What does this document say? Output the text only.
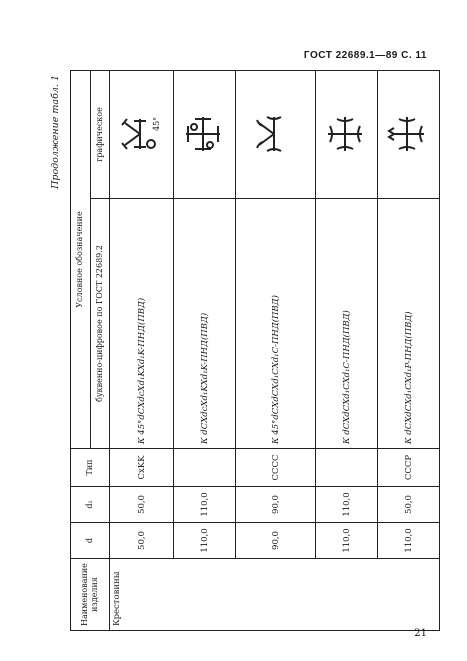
ГОСТ 22689.1—89 С. 11
Продолжение табл. 1
Наименование изделия	d	d₁	Тип	Условное обозначение	
				буквенно-цифровое по ГОСТ 22689.2	графическое
Крестовины	50,0	50,0	CxKK	К 45°dCXdcXd₁KXd₁K-ПНД(ПВД)	45°

	110,0	110,0		К dCXdcXd₁KXd₁K-ПНД(ПВД)	
	90,0	90,0	СССС	К 45°dCXdCXd₁CXd₁C-ПНД(ПВД)	
	110,0	110,0		К dCXdCXd₁CXd₁C-ПНД(ПВД)	
	110,0	50,0	СССР	К dCXdCXd₁CXd₁P-ПНД(ПВД)	
21
